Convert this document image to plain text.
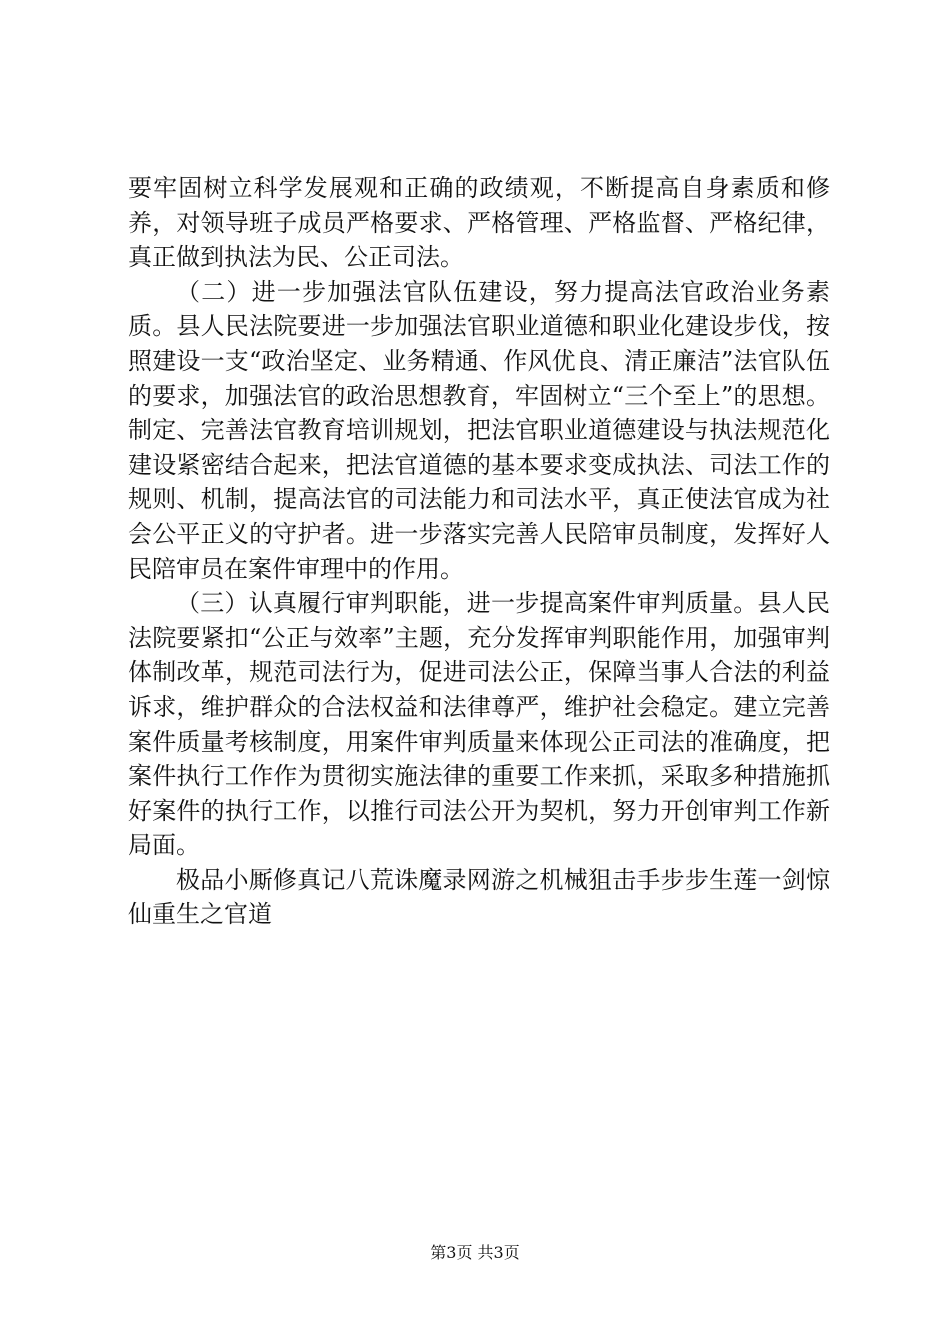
要牢固树立科学发展观和正确的政绩观，不断提高自身素质和修养，对领导班子成员严格要求、严格管理、严格监督、严格纪律，真正做到执法为民、公正司法。

（二）进一步加强法官队伍建设，努力提高法官政治业务素质。县人民法院要进一步加强法官职业道德和职业化建设步伐，按照建设一支“政治坚定、业务精通、作风优良、清正廉洁”法官队伍的要求，加强法官的政治思想教育，牢固树立“三个至上”的思想。制定、完善法官教育培训规划，把法官职业道德建设与执法规范化建设紧密结合起来，把法官道德的基本要求变成执法、司法工作的规则、机制，提高法官的司法能力和司法水平，真正使法官成为社会公平正义的守护者。进一步落实完善人民陪审员制度，发挥好人民陪审员在案件审理中的作用。

（三）认真履行审判职能，进一步提高案件审判质量。县人民法院要紧扣“公正与效率”主题，充分发挥审判职能作用，加强审判体制改革，规范司法行为，促进司法公正，保障当事人合法的利益诉求，维护群众的合法权益和法律尊严，维护社会稳定。建立完善案件质量考核制度，用案件审判质量来体现公正司法的准确度，把案件执行工作作为贯彻实施法律的重要工作来抓，采取多种措施抓好案件的执行工作，以推行司法公开为契机，努力开创审判工作新局面。

极品小厮修真记八荒诛魔录网游之机械狙击手步步生莲一剑惊仙重生之官道

第3页 共3页
